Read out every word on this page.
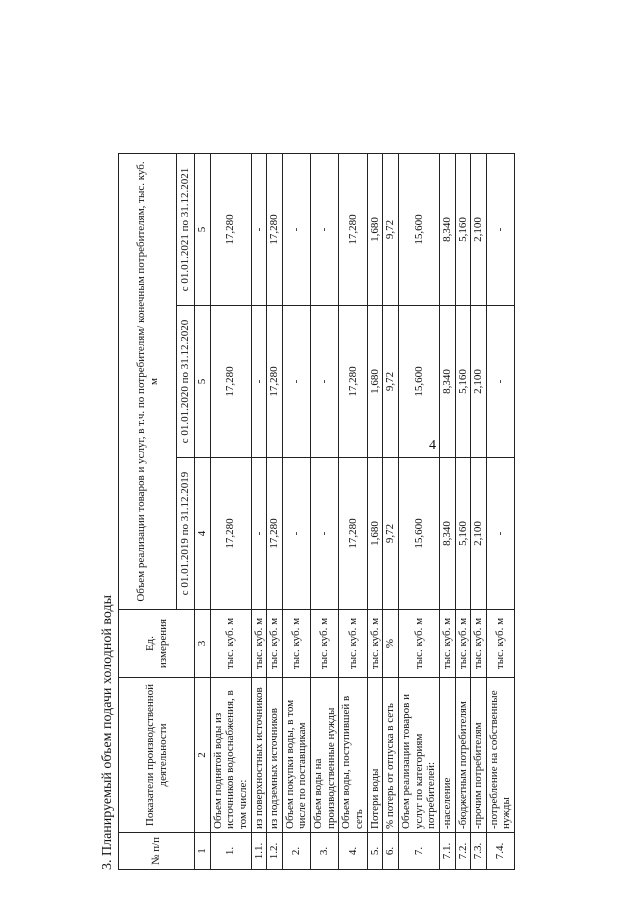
4
3. Планируемый объем подачи холодной воды	№ п/п	Показатели производственной деятельности	Ед. измерения	Объем реализации товаров и услуг, в т.ч. по потребителям/ конечным потребителям, тыс. куб. м		
			с 01.01.2019 по 31.12.2019	с 01.01.2020 по 31.12.2020	с 01.01.2021 по 31.12.2021
1	2	3	4	5	5
1.	Объем поднятой воды из источников водоснабжения, в том числе:	тыс. куб. м	17,280	17,280	17,280
1.1.	из поверхностных источников	тыс. куб. м	-	-	-
1.2.	из подземных источников	тыс. куб. м	17,280	17,280	17,280
2.	Объем покупки воды, в том числе по поставщикам	тыс. куб. м	-	-	-
3.	Объем воды на производственные нужды	тыс. куб. м	-	-	-
4.	Объем воды, поступившей в сеть	тыс. куб. м	17,280	17,280	17,280
5.	Потери воды	тыс. куб. м	1,680	1,680	1,680
6.	% потерь от отпуска в сеть	%	9,72	9,72	9,72
7.	Объем реализации товаров и услуг по категориям потребителей:	тыс. куб. м	15,600	15,600	15,600
7.1.	-население	тыс. куб. м	8,340	8,340	8,340
7.2.	-бюджетным потребителям	тыс. куб. м	5,160	5,160	5,160
7.3.	-прочим потребителям	тыс. куб. м	2,100	2,100	2,100
7.4.	-потребление на собственные нужды	тыс. куб. м	-	-	-
